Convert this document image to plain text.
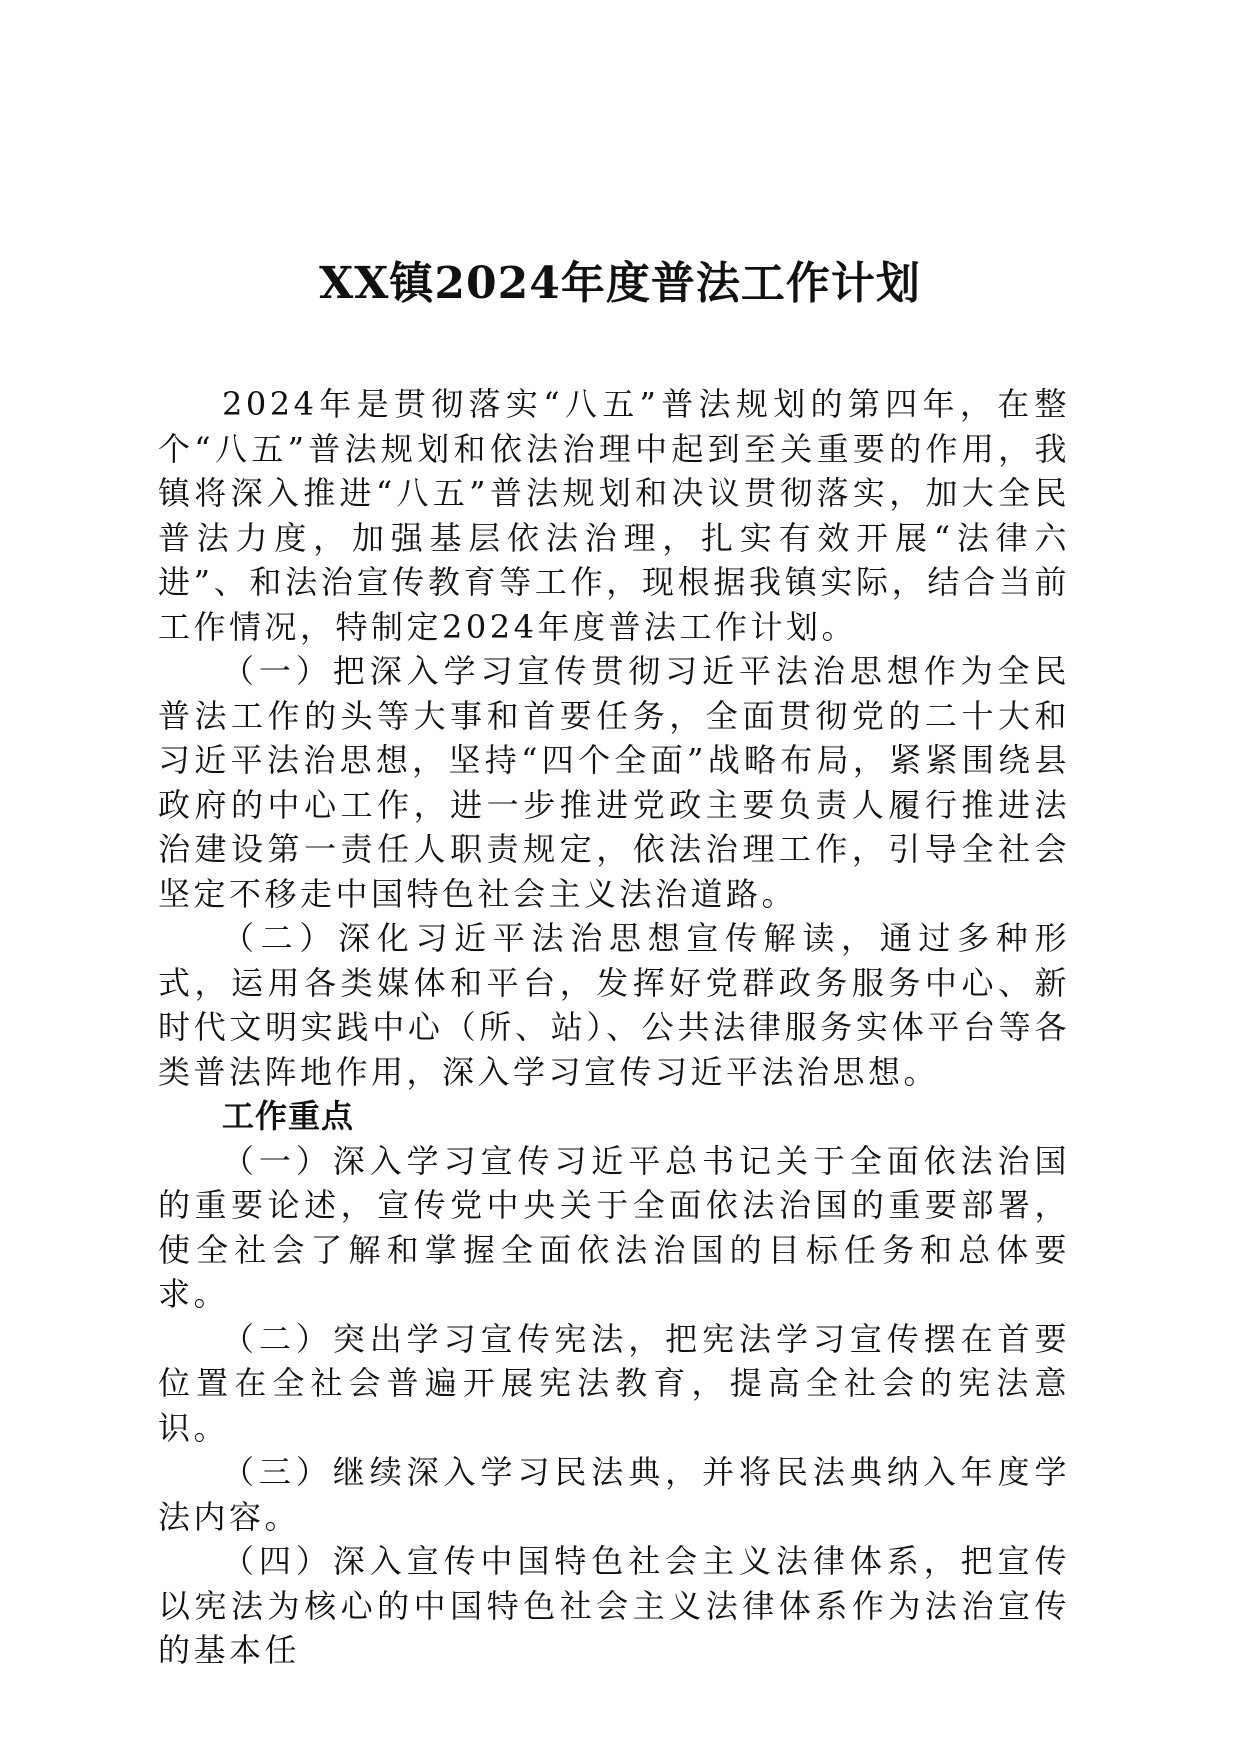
XX镇2024年度普法工作计划

2024年是贯彻落实“八五”普法规划的第四年，在整个“八五”普法规划和依法治理中起到至关重要的作用，我镇将深入推进“八五”普法规划和决议贯彻落实，加大全民普法力度，加强基层依法治理，扎实有效开展“法律六进”、和法治宣传教育等工作，现根据我镇实际，结合当前工作情况，特制定2024年度普法工作计划。

（一）把深入学习宣传贯彻习近平法治思想作为全民普法工作的头等大事和首要任务，全面贯彻党的二十大和习近平法治思想，坚持“四个全面”战略布局，紧紧围绕县政府的中心工作，进一步推进党政主要负责人履行推进法治建设第一责任人职责规定，依法治理工作，引导全社会坚定不移走中国特色社会主义法治道路。

（二）深化习近平法治思想宣传解读，通过多种形式，运用各类媒体和平台，发挥好党群政务服务中心、新时代文明实践中心（所、站）、公共法律服务实体平台等各类普法阵地作用，深入学习宣传习近平法治思想。

工作重点

（一）深入学习宣传习近平总书记关于全面依法治国的重要论述，宣传党中央关于全面依法治国的重要部署，使全社会了解和掌握全面依法治国的目标任务和总体要求。

（二）突出学习宣传宪法，把宪法学习宣传摆在首要位置在全社会普遍开展宪法教育，提高全社会的宪法意识。

（三）继续深入学习民法典，并将民法典纳入年度学法内容。

（四）深入宣传中国特色社会主义法律体系，把宣传以宪法为核心的中国特色社会主义法律体系作为法治宣传的基本任
